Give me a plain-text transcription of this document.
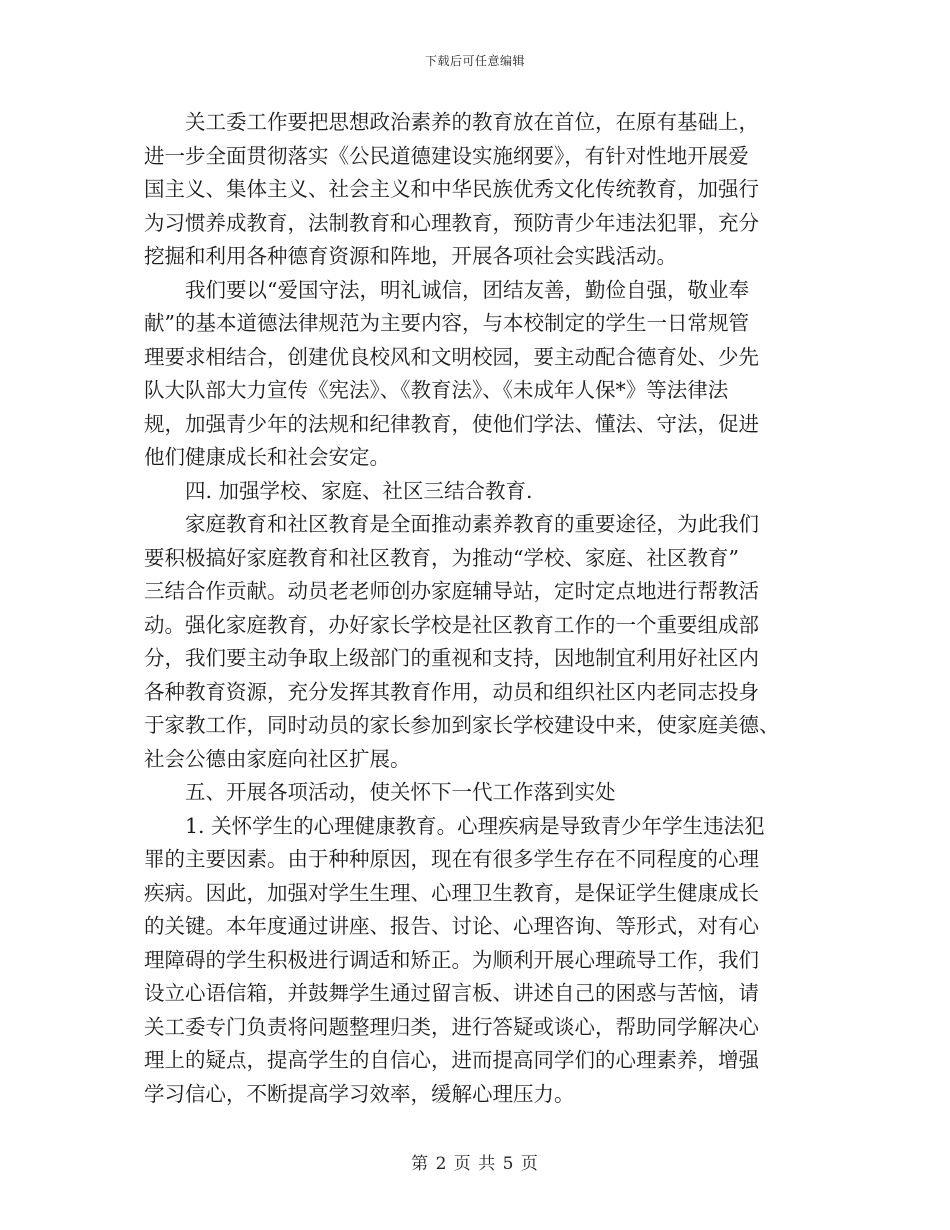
下载后可任意编辑
关工委工作要把思想政治素养的教育放在首位，在原有基础上，
进一步全面贯彻落实《公民道德建设实施纲要》，有针对性地开展爱
国主义、集体主义、社会主义和中华民族优秀文化传统教育，加强行
为习惯养成教育，法制教育和心理教育，预防青少年违法犯罪，充分
挖掘和利用各种德育资源和阵地，开展各项社会实践活动。
我们要以“爱国守法，明礼诚信，团结友善，勤俭自强，敬业奉
献”的基本道德法律规范为主要内容，与本校制定的学生一日常规管
理要求相结合，创建优良校风和文明校园，要主动配合德育处、少先
队大队部大力宣传《宪法》、《教育法》、《未成年人保*》等法律法
规，加强青少年的法规和纪律教育，使他们学法、懂法、守法，促进
他们健康成长和社会安定。
四. 加强学校、家庭、社区三结合教育.
家庭教育和社区教育是全面推动素养教育的重要途径，为此我们
要积极搞好家庭教育和社区教育，为推动“学校、家庭、社区教育”
三结合作贡献。动员老老师创办家庭辅导站，定时定点地进行帮教活
动。强化家庭教育，办好家长学校是社区教育工作的一个重要组成部
分，我们要主动争取上级部门的重视和支持，因地制宜利用好社区内
各种教育资源，充分发挥其教育作用，动员和组织社区内老同志投身
于家教工作，同时动员的家长参加到家长学校建设中来，使家庭美德、
社会公德由家庭向社区扩展。
五、开展各项活动，使关怀下一代工作落到实处
1. 关怀学生的心理健康教育。心理疾病是导致青少年学生违法犯
罪的主要因素。由于种种原因，现在有很多学生存在不同程度的心理
疾病。因此，加强对学生生理、心理卫生教育，是保证学生健康成长
的关键。本年度通过讲座、报告、讨论、心理咨询、等形式，对有心
理障碍的学生积极进行调适和矫正。为顺利开展心理疏导工作，我们
设立心语信箱，并鼓舞学生通过留言板、讲述自己的困惑与苦恼，请
关工委专门负责将问题整理归类，进行答疑或谈心，帮助同学解决心
理上的疑点，提高学生的自信心，进而提高同学们的心理素养，增强
学习信心，不断提高学习效率，缓解心理压力。
第 2 页 共 5 页
